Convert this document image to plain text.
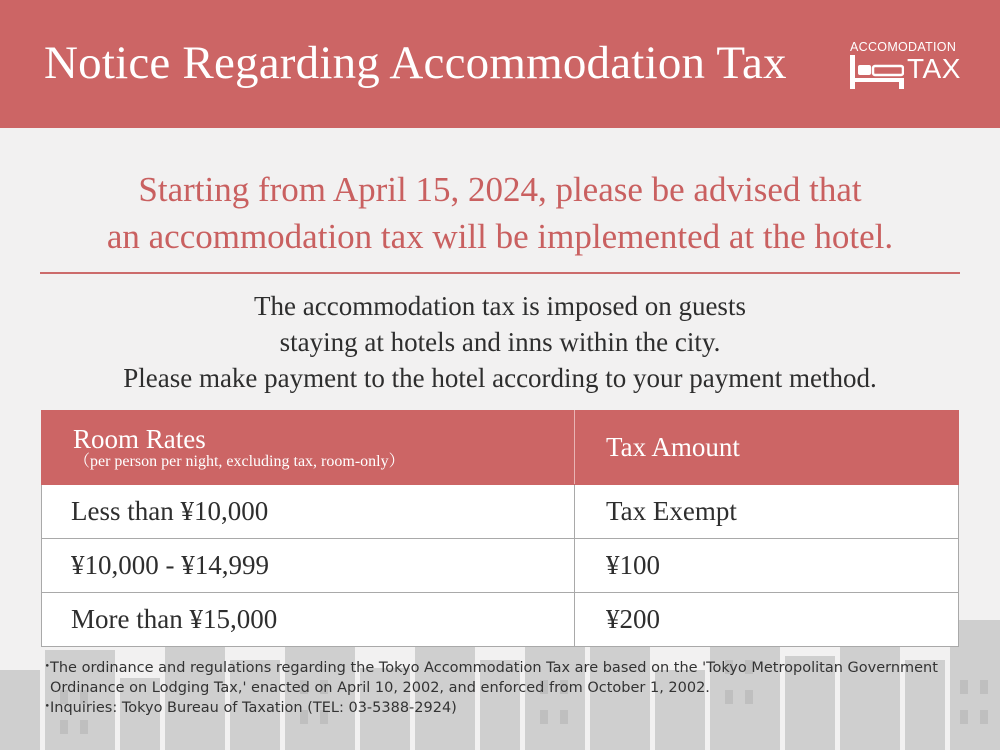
Notice Regarding Accommodation Tax	ACCOMODATION
TAX
Starting from April 15, 2024, please be advised that
an accommodation tax will be implemented at the hotel.
The accommodation tax is imposed on guests
staying at hotels and inns within the city.
Please make payment to the hotel according to your payment method.
Room Rates
（per person per night, excluding tax, room-only）	Tax Amount
Less than ¥10,000	Tax Exempt
¥10,000 - ¥14,999	¥100
More than ¥15,000	¥200
・
The ordinance and regulations regarding the Tokyo Accommodation Tax are based on the 'Tokyo Metropolitan Government Ordinance on Lodging Tax,' enacted on April 10, 2002, and enforced from October 1, 2002.
・
Inquiries: Tokyo Bureau of Taxation (TEL: 03-5388-2924)
